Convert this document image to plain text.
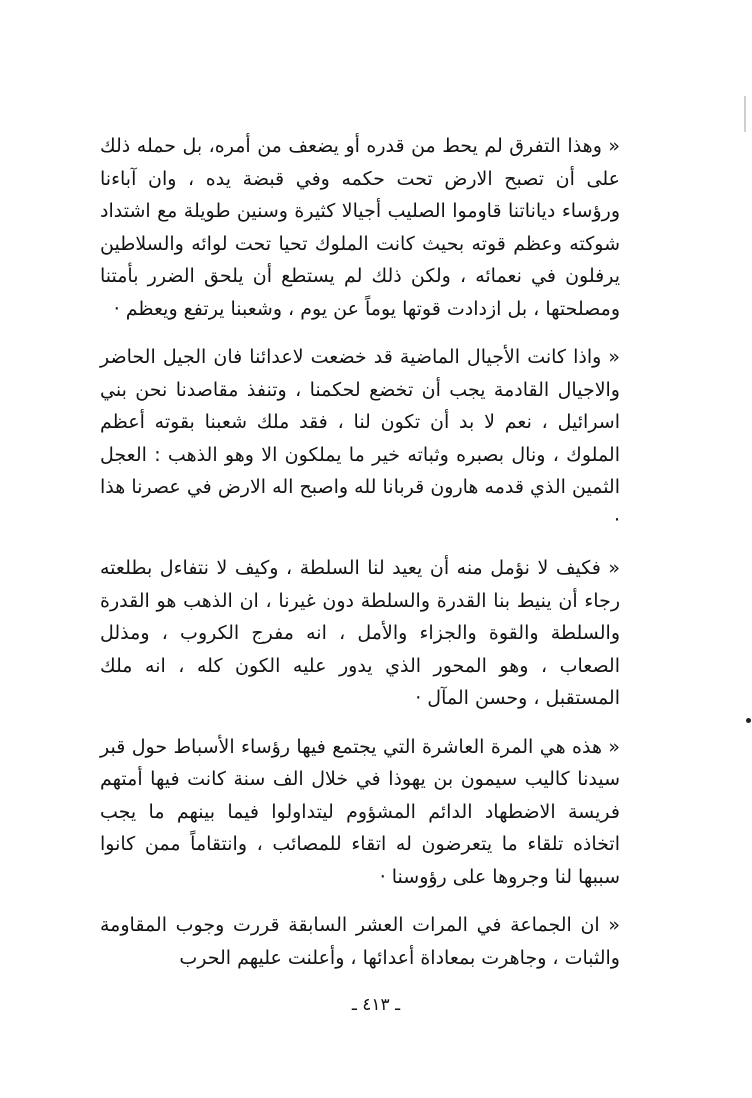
« وهذا التفرق لم يحط من قدره أو يضعف من أمره، بل حمله ذلك على أن تصبح الارض تحت حكمه وفي قبضة يده ، وان آباءنا ورؤساء دياناتنا قاوموا الصليب أجيالا كثيرة وسنين طويلة مع اشتداد شوكته وعظم قوته بحيث كانت الملوك تحيا تحت لوائه والسلاطين يرفلون في نعمائه ، ولكن ذلك لم يستطع أن يلحق الضرر بأمتنا ومصلحتها ، بل ازدادت قوتها يوماً عن يوم ، وشعبنا يرتفع ويعظم ·

« واذا كانت الأجيال الماضية قد خضعت لاعدائنا فان الجيل الحاضر والاجيال القادمة يجب أن تخضع لحكمنا ، وتنفذ مقاصدنا نحن بني اسرائيل ، نعم لا بد أن تكون لنا ، فقد ملك شعبنا بقوته أعظم الملوك ، ونال بصبره وثباته خير ما يملكون الا وهو الذهب : العجل الثمين الذي قدمه هارون قربانا لله واصبح اله الارض في عصرنا هذا ·

« فكيف لا نؤمل منه أن يعيد لنا السلطة ، وكيف لا نتفاءل بطلعته رجاء أن ينيط بنا القدرة والسلطة دون غيرنا ، ان الذهب هو القدرة والسلطة والقوة والجزاء والأمل ، انه مفرج الكروب ، ومذلل الصعاب ، وهو المحور الذي يدور عليه الكون كله ، انه ملك المستقبل ، وحسن المآل ·

« هذه هي المرة العاشرة التي يجتمع فيها رؤساء الأسباط حول قبر سيدنا كاليب سيمون بن يهوذا في خلال الف سنة كانت فيها أمتهم فريسة الاضطهاد الدائم المشؤوم ليتداولوا فيما بينهم ما يجب اتخاذه تلقاء ما يتعرضون له اتقاء للمصائب ، وانتقاماً ممن كانوا سببها لنا وجروها على رؤوسنا ·

« ان الجماعة في المرات العشر السابقة قررت وجوب المقاومة والثبات ، وجاهرت بمعاداة أعدائها ، وأعلنت عليهم الحرب

ـ ٤١٣ ـ
